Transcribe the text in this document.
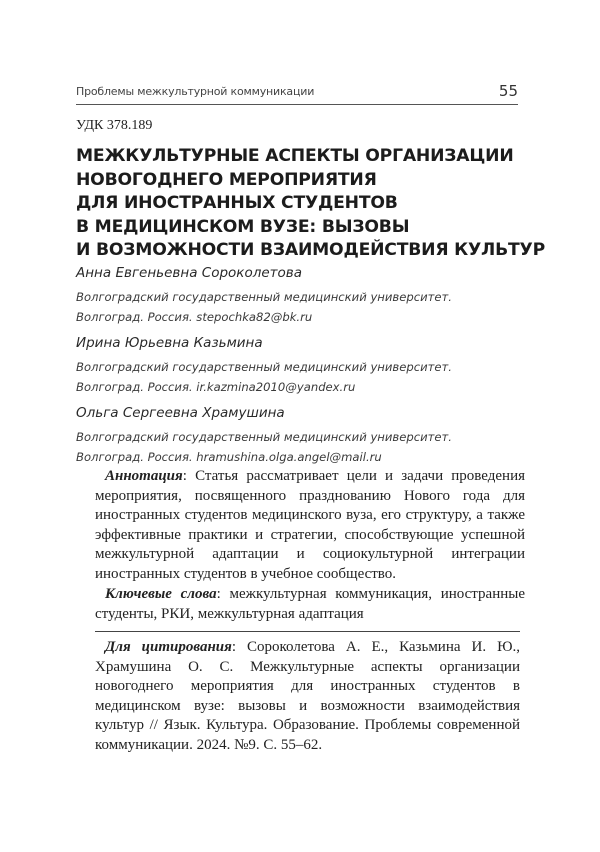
Проблемы межкультурной коммуникации	55
УДК 378.189
МЕЖКУЛЬТУРНЫЕ АСПЕКТЫ ОРГАНИЗАЦИИ
НОВОГОДНЕГО МЕРОПРИЯТИЯ
ДЛЯ ИНОСТРАННЫХ СТУДЕНТОВ
В МЕДИЦИНСКОМ ВУЗЕ: ВЫЗОВЫ
И ВОЗМОЖНОСТИ ВЗАИМОДЕЙСТВИЯ КУЛЬТУР
Анна Евгеньевна Сороколетова
Волгоградский государственный медицинский университет.
Волгоград. Россия. stepochka82@bk.ru
Ирина Юрьевна Казьмина
Волгоградский государственный медицинский университет.
Волгоград. Россия. ir.kazmina2010@yandex.ru
Ольга Сергеевна Храмушина
Волгоградский государственный медицинский университет.
Волгоград. Россия. hramushina.olga.angel@mail.ru

Аннотация: Статья рассматривает цели и задачи проведения мероприятия, посвященного празднованию Нового года для иностранных студентов медицинского вуза, его структуру, а также эффективные практики и стратегии, способствующие успешной межкультурной адаптации и социокультурной интеграции иностранных студентов в учебное сообщество.

Ключевые слова: межкультурная коммуникация, иностранные студенты, РКИ, межкультурная адаптация

Для цитирования: Сороколетова А. Е., Казьмина И. Ю., Храмушина О. С. Межкультурные аспекты организации новогоднего мероприятия для иностранных студентов в медицинском вузе: вызовы и возможности взаимодействия культур // Язык. Культура. Образование. Проблемы современной коммуникации. 2024. №9. С. 55–62.
